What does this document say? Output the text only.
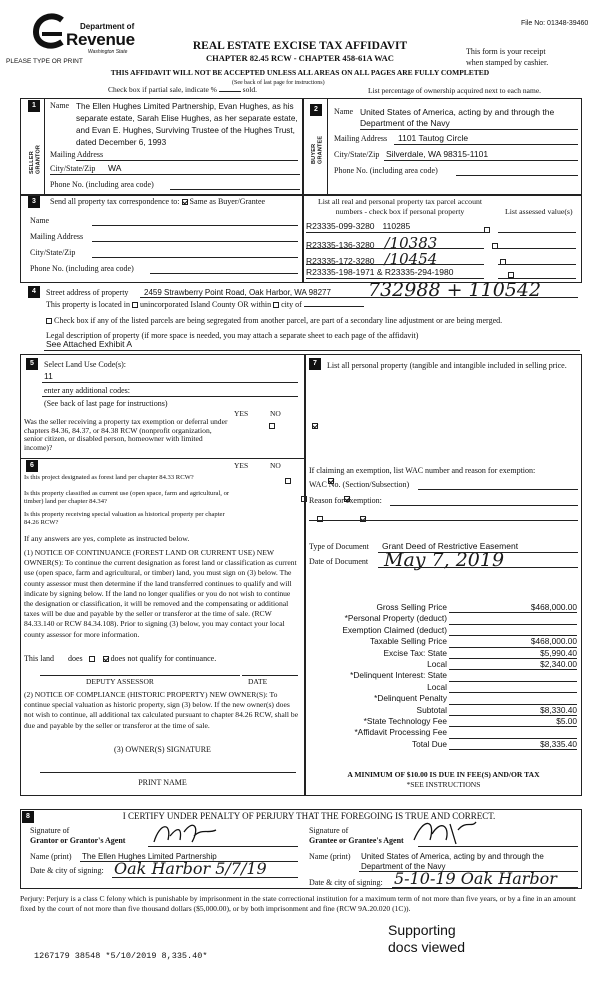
Department of
Revenue
Washington State
PLEASE TYPE OR PRINT
File No: 01348-39460
REAL ESTATE EXCISE TAX AFFIDAVIT
CHAPTER 82.45 RCW - CHAPTER 458-61A WAC
This form is your receipt
when stamped by cashier.
THIS AFFIDAVIT WILL NOT BE ACCEPTED UNLESS ALL AREAS ON ALL PAGES ARE FULLY COMPLETED
Check box if partial sale, indicate %	sold.	List percentage of ownership acquired next to each name.
(See back of last page for instructions)
1
SELLER GRANTOR
Name The Ellen Hughes Limited Partnership, Evan Hughes, as his separate estate, Sarah Elise Hughes, as her separate estate, and Evan E. Hughes, Surviving Trustee of the Hughes Trust, dated December 6, 1993
Mailing Address
City/State/Zip WA
Phone No. (including area code)
2
BUYER GRANTEE
Name United States of America, acting by and through the Department of the Navy
Mailing Address 1101 Tautog Circle
City/State/Zip Silverdale, WA 98315-1101
Phone No. (including area code)
3	Send all property tax correspondence to: Same as Buyer/Grantee
Name
Mailing Address
City/State/Zip
Phone No. (including area code)
List all real and personal property tax parcel account
numbers - check box if personal property	List assessed value(s)
R23335-099-3280 110285

R23335-136-3280 /10383

R23335-172-3280 /10454

R23335-198-1971 & R23335-294-1980

4	Street address of property 2459 Strawberry Point Road, Oak Harbor, WA 98277 732988 + 110542
This property is located in unincorporated Island County OR within city of
Check box if any of the listed parcels are being segregated from another parcel, are part of a secondary line adjustment or are being merged.
Legal description of property (if more space is needed, you may attach a separate sheet to each page of the affidavit)
See Attached Exhibit A
5	Select Land Use Code(s):
11
enter any additional codes:
(See back of last page for instructions)
YES	NO
Was the seller receiving a property tax exemption or deferral under chapters 84.36, 84.37, or 84.38 RCW (nonprofit organization, senior citizen, or disabled person, homeowner with limited income)?

6	YES	NO
Is this project designated as forest land per chapter 84.33 RCW?

Is this property classified as current use (open space, farm and agricultural, or timber) land per chapter 84.34?

Is this property receiving special valuation as historical property per chapter 84.26 RCW?

If any answers are yes, complete as instructed below.
(1) NOTICE OF CONTINUANCE (FOREST LAND OR CURRENT USE) NEW OWNER(S): To continue the current designation as forest land or classification as current use (open space, farm and agricultural, or timber) land, you must sign on (3) below. The county assessor must then determine if the land transferred continues to qualify and will indicate by signing below. If the land no longer qualifies or you do not wish to continue the designation or classification, it will be removed and the compensating or additional taxes will be due and payable by the seller or transferor at the time of sale. (RCW 84.33.140 or RCW 84.34.108). Prior to signing (3) below, you may contact your local county assessor for more information.
This land does	does not qualify for continuance.
DEPUTY ASSESSOR	DATE
(2) NOTICE OF COMPLIANCE (HISTORIC PROPERTY) NEW OWNER(S): To continue special valuation as historic property, sign (3) below. If the new owner(s) does not wish to continue, all additional tax calculated pursuant to chapter 84.26 RCW, shall be due and payable by the seller or transferor at the time of sale.
(3) OWNER(S) SIGNATURE
PRINT NAME
7	List all personal property (tangible and intangible included in selling price.
If claiming an exemption, list WAC number and reason for exemption:
WAC No. (Section/Subsection)
Reason for exemption:
Type of Document Grant Deed of Restrictive Easement
Date of Document May 7, 2019
Gross Selling Price	$468,000.00
*Personal Property (deduct)
Exemption Claimed (deduct)
Taxable Selling Price	$468,000.00
Excise Tax: State	$5,990.40
Local	$2,340.00
*Delinquent Interest: State
Local
*Delinquent Penalty
Subtotal	$8,330.40
*State Technology Fee	$5.00
*Affidavit Processing Fee
Total Due	$8,335.40
A MINIMUM OF $10.00 IS DUE IN FEE(S) AND/OR TAX
*SEE INSTRUCTIONS
8	I CERTIFY UNDER PENALTY OF PERJURY THAT THE FOREGOING IS TRUE AND CORRECT.
Signature of
Grantor or Grantor's Agent
Name (print) The Ellen Hughes Limited Partnership
Date & city of signing: Oak Harbor 5/7/19
Signature of
Grantee or Grantee's Agent
Name (print) United States of America, acting by and through the Department of the Navy
Date & city of signing: 5-10-19 Oak Harbor
Perjury: Perjury is a class C felony which is punishable by imprisonment in the state correctional institution for a maximum term of not more than five years, or by a fine in an amount fixed by the court of not more than five thousand dollars ($5,000.00), or by both imprisonment and fine (RCW 9A.20.020 (1C)).
1267179 38548 *5/10/2019 8,335.40*
Supporting
docs viewed
